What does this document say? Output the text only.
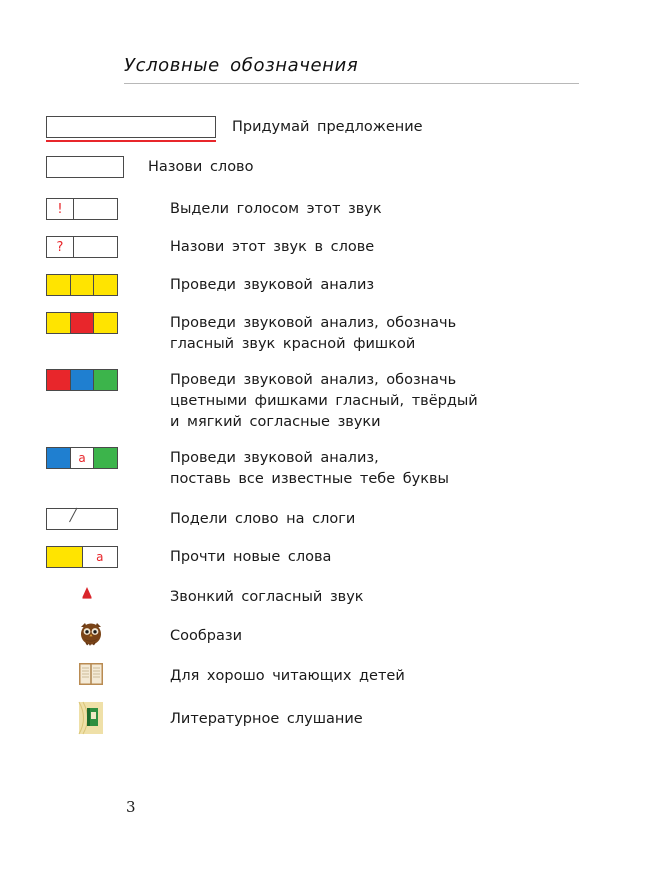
Условные обозначения
Придумай предложение
Назови слово
!	Выдели голосом этот звук
?	Назови этот звук в слове
Проведи звуковой анализ
Проведи звуковой анализ, обозначь
гласный звук красной фишкой
Проведи звуковой анализ, обозначь
цветными фишками гласный, твёрдый
и мягкий согласные звуки
а	Проведи звуковой анализ,
поставь все известные тебе буквы
Подели слово на слоги
а	Прочти новые слова
Звонкий согласный звук
Сообрази
Для хорошо читающих детей
Литературное слушание
3
